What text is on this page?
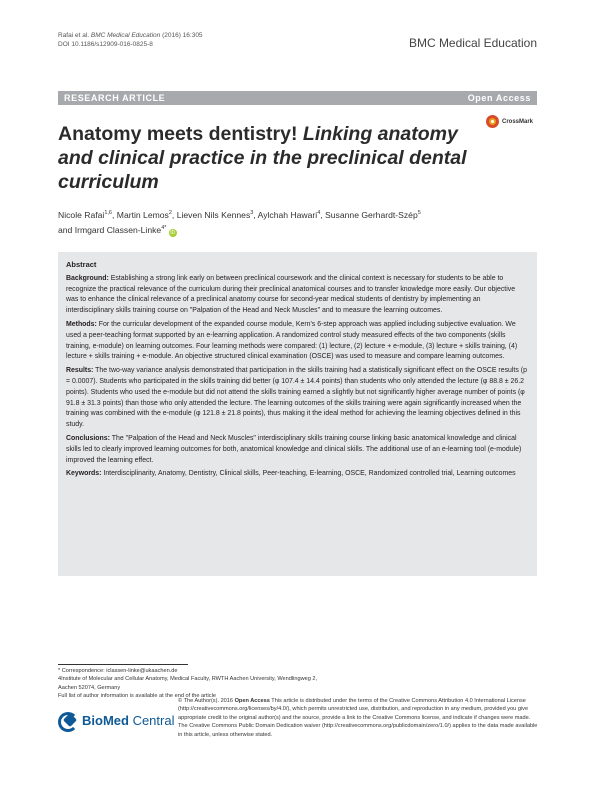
Rafai et al. BMC Medical Education (2016) 16:305
DOI 10.1186/s12909-016-0825-8	BMC Medical Education
RESEARCH ARTICLE	Open Access
Anatomy meets dentistry! Linking anatomy and clinical practice in the preclinical dental curriculum
CrossMark
Nicole Rafai$^{1,6}$, Martin Lemos$^2$, Lieven Nils Kennes$^3$, Aylchah Hawari$^4$, Susanne Gerhardt-Szép$^5$
and Irmgard Classen-Linke$^{4*}$ iD
Abstract

Background: Establishing a strong link early on between preclinical coursework and the clinical context is necessary for students to be able to recognize the practical relevance of the curriculum during their preclinical anatomical courses and to transfer knowledge more easily. Our objective was to enhance the clinical relevance of a preclinical anatomy course for second-year medical students of dentistry by implementing an interdisciplinary skills training course on "Palpation of the Head and Neck Muscles" and to measure the learning outcomes.

Methods: For the curricular development of the expanded course module, Kern's 6-step approach was applied including subjective evaluation. We used a peer-teaching format supported by an e-learning application. A randomized control study measured effects of the two components (skills training, e-module) on learning outcomes. Four learning methods were compared: (1) lecture, (2) lecture + e-module, (3) lecture + skills training, (4) lecture + skills training + e-module. An objective structured clinical examination (OSCE) was used to measure and compare learning outcomes.

Results: The two-way variance analysis demonstrated that participation in the skills training had a statistically significant effect on the OSCE results (p = 0.0007). Students who participated in the skills training did better (φ 107.4 ± 14.4 points) than students who only attended the lecture (φ 88.8 ± 26.2 points). Students who used the e-module but did not attend the skills training earned a slightly but not significantly higher average number of points (φ 91.8 ± 31.3 points) than those who only attended the lecture. The learning outcomes of the skills training were again significantly increased when the training was combined with the e-module (φ 121.8 ± 21.8 points), thus making it the ideal method for achieving the learning objectives defined in this study.

Conclusions: The "Palpation of the Head and Neck Muscles" interdisciplinary skills training course linking basic anatomical knowledge and clinical skills led to clearly improved learning outcomes for both, anatomical knowledge and clinical skills. The additional use of an e-learning tool (e-module) improved the learning effect.

Keywords: Interdisciplinarity, Anatomy, Dentistry, Clinical skills, Peer-teaching, E-learning, OSCE, Randomized controlled trial, Learning outcomes

* Correspondence: iclassen-linke@ukaachen.de
4Institute of Molecular and Cellular Anatomy, Medical Faculty, RWTH Aachen University, Wendlingweg 2, Aachen 52074, Germany
Full list of author information is available at the end of the article
BioMed Central
© The Author(s). 2016 Open Access This article is distributed under the terms of the Creative Commons Attribution 4.0 International License (http://creativecommons.org/licenses/by/4.0/), which permits unrestricted use, distribution, and reproduction in any medium, provided you give appropriate credit to the original author(s) and the source, provide a link to the Creative Commons license, and indicate if changes were made. The Creative Commons Public Domain Dedication waiver (http://creativecommons.org/publicdomain/zero/1.0/) applies to the data made available in this article, unless otherwise stated.
